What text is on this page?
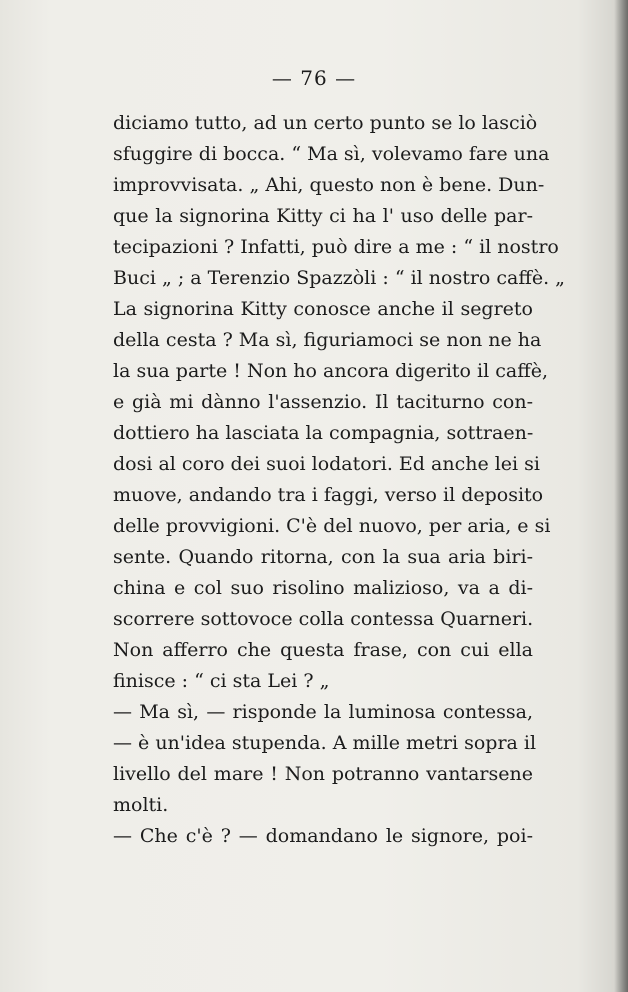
— 76 —
diciamo tutto, ad un certo punto se lo lasciò
sfuggire di bocca. “ Ma sì, volevamo fare una
improvvisata. „ Ahi, questo non è bene. Dun-
que la signorina Kitty ci ha l' uso delle par-
tecipazioni ? Infatti, può dire a me : “ il nostro
Buci „ ; a Terenzio Spazzòli : “ il nostro caffè. „
La signorina Kitty conosce anche il segreto
della cesta ? Ma sì, figuriamoci se non ne ha
la sua parte ! Non ho ancora digerito il caffè,
e già mi dànno l'assenzio. Il taciturno con-
dottiero ha lasciata la compagnia, sottraen-
dosi al coro dei suoi lodatori. Ed anche lei si
muove, andando tra i faggi, verso il deposito
delle provvigioni. C'è del nuovo, per aria, e si
sente. Quando ritorna, con la sua aria biri-
china e col suo risolino malizioso, va a di-
scorrere sottovoce colla contessa Quarneri.
Non afferro che questa frase, con cui ella
finisce : “ ci sta Lei ? „
— Ma sì, — risponde la luminosa contessa,
— è un'idea stupenda. A mille metri sopra il
livello del mare ! Non potranno vantarsene
molti.
— Che c'è ? — domandano le signore, poi-
